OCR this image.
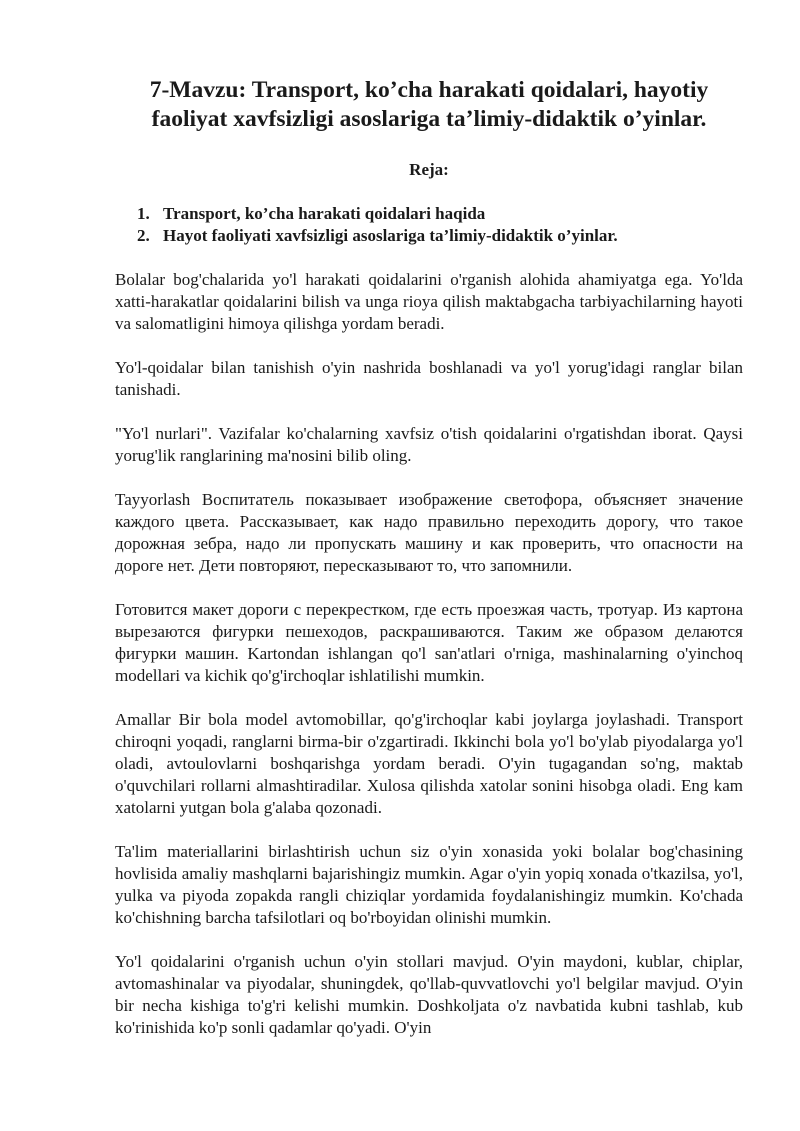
7-Mavzu: Transport, ko’cha harakati qoidalari, hayotiy
faoliyat xavfsizligi asoslariga ta’limiy-didaktik o’yinlar.
Reja:
1. Transport, ko’cha harakati qoidalari haqida
2. Hayot faoliyati xavfsizligi asoslariga ta’limiy-didaktik o’yinlar.

Bolalar bog'chalarida yo'l harakati qoidalarini o'rganish alohida ahamiyatga ega. Yo'lda xatti-harakatlar qoidalarini bilish va unga rioya qilish maktabgacha tarbiyachilarning hayoti va salomatligini himoya qilishga yordam beradi.

Yo'l-qoidalar bilan tanishish o'yin nashrida boshlanadi va yo'l yorug'idagi ranglar bilan tanishadi.

"Yo'l nurlari". Vazifalar ko'chalarning xavfsiz o'tish qoidalarini o'rgatishdan iborat. Qaysi yorug'lik ranglarining ma'nosini bilib oling.

Tayyorlash Воспитатель показывает изображение светофора, объясняет значение каждого цвета. Рассказывает, как надо правильно переходить дорогу, что такое дорожная зебра, надо ли пропускать машину и как проверить, что опасности на дороге нет. Дети повторяют, пересказывают то, что запомнили.

Готовится макет дороги с перекрестком, где есть проезжая часть, тротуар. Из картона вырезаются фигурки пешеходов, раскрашиваются. Таким же образом делаются фигурки машин. Kartondan ishlangan qo'l san'atlari o'rniga, mashinalarning o'yinchoq modellari va kichik qo'g'irchoqlar ishlatilishi mumkin.

Amallar Bir bola model avtomobillar, qo'g'irchoqlar kabi joylarga joylashadi. Transport chiroqni yoqadi, ranglarni birma-bir o'zgartiradi. Ikkinchi bola yo'l bo'ylab piyodalarga yo'l oladi, avtoulovlarni boshqarishga yordam beradi. O'yin tugagandan so'ng, maktab o'quvchilari rollarni almashtiradilar. Xulosa qilishda xatolar sonini hisobga oladi. Eng kam xatolarni yutgan bola g'alaba qozonadi.

Ta'lim materiallarini birlashtirish uchun siz o'yin xonasida yoki bolalar bog'chasining hovlisida amaliy mashqlarni bajarishingiz mumkin. Agar o'yin yopiq xonada o'tkazilsa, yo'l, yulka va piyoda zopakda rangli chiziqlar yordamida foydalanishingiz mumkin. Ko'chada ko'chishning barcha tafsilotlari oq bo'rboyidan olinishi mumkin.

Yo'l qoidalarini o'rganish uchun o'yin stollari mavjud. O'yin maydoni, kublar, chiplar, avtomashinalar va piyodalar, shuningdek, qo'llab-quvvatlovchi yo'l belgilar mavjud. O'yin bir necha kishiga to'g'ri kelishi mumkin. Doshkoljata o'z navbatida kubni tashlab, kub ko'rinishida ko'p sonli qadamlar qo'yadi. O'yin
